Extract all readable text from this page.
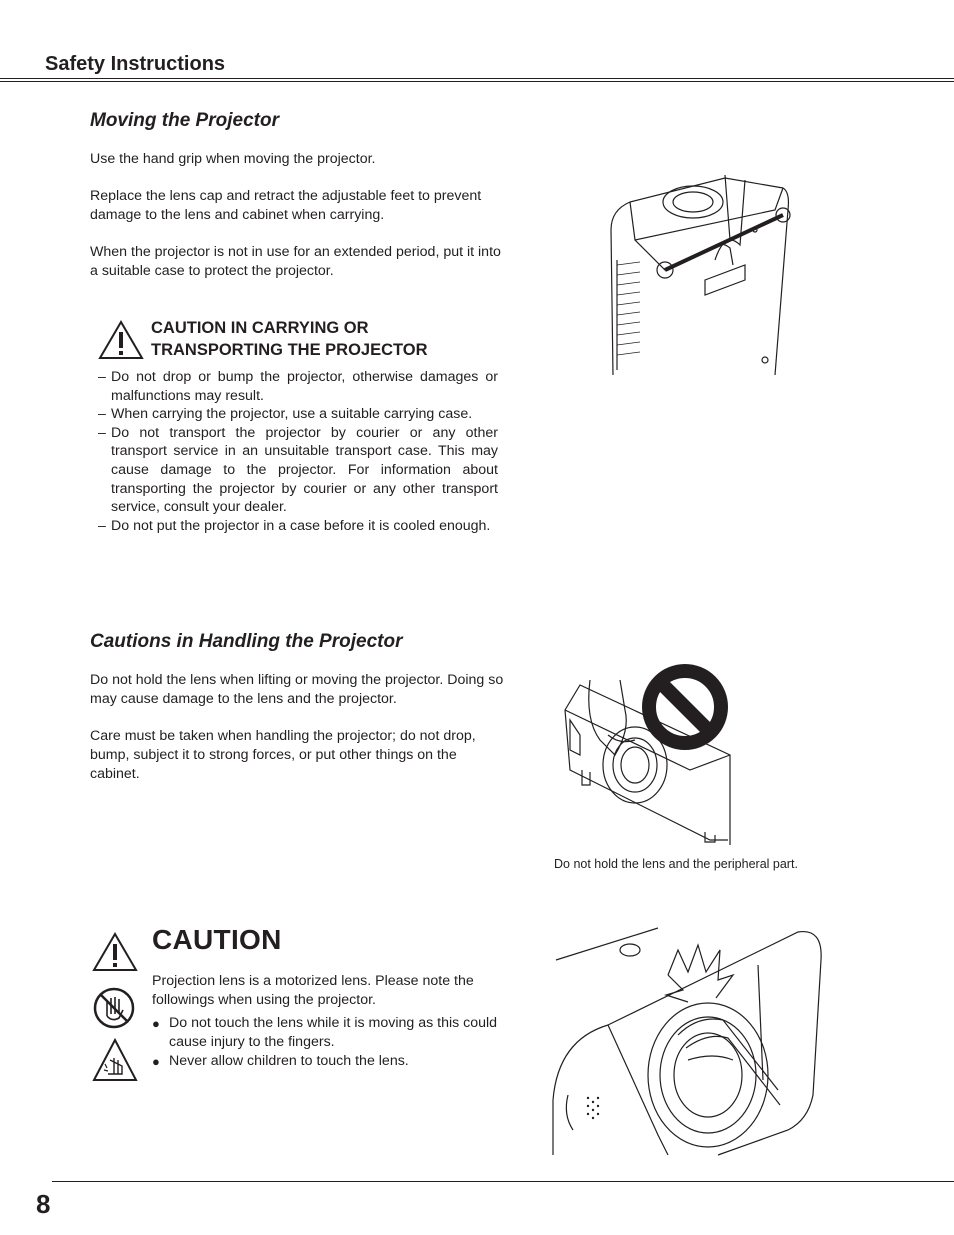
Safety Instructions
Moving the Projector
Use the hand grip when moving the projector.
Replace the lens cap and retract the adjustable feet to prevent damage to the lens and cabinet when carrying.
When the projector is not in use for an extended period, put it into a suitable case to protect the projector.
CAUTION IN CARRYING OR
TRANSPORTING THE PROJECTOR
– Do not drop or bump the projector, otherwise damages or malfunctions may result.
– When carrying the projector, use a suitable carrying case.
– Do not transport the projector by courier or any other transport service in an unsuitable transport case. This may cause damage to the projector. For information about transporting the projector by courier or any other transport service, consult your dealer.
– Do not put the projector in a case before it is cooled enough.
Cautions in Handling the Projector
Do not hold the lens when lifting or moving the projector. Doing so may cause damage to the lens and the projector.
Care must be taken when handling the projector; do not drop, bump, subject it to strong forces, or put other things on the cabinet.
Do not hold the lens and the peripheral part.
CAUTION
Projection lens is a motorized lens. Please note the followings when using the projector.
● Do not touch the lens while it is moving as this could cause injury to the fingers.
● Never allow children to touch the lens.
8
